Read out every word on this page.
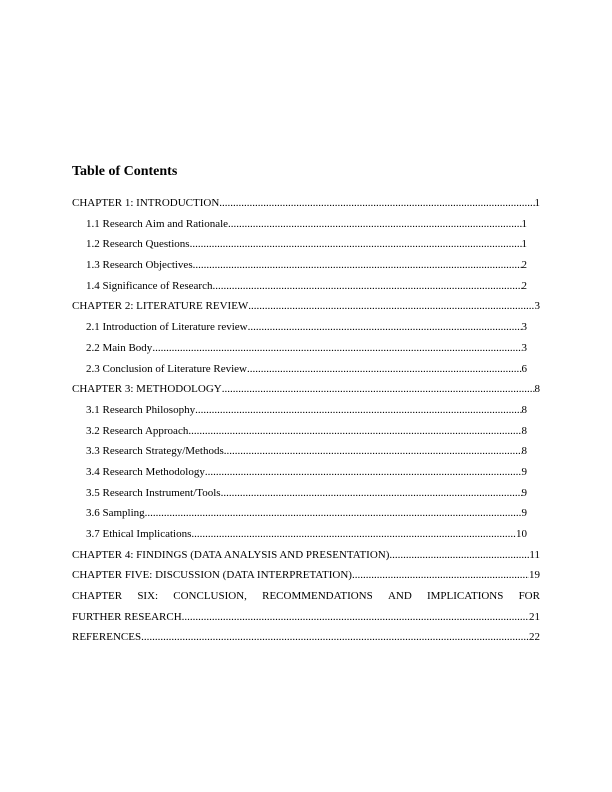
Table of Contents
CHAPTER 1: INTRODUCTION .....	1
1.1 Research Aim and Rationale .....	1
1.2 Research Questions .....	1
1.3 Research Objectives .....	2
1.4 Significance of Research .....	2
CHAPTER 2: LITERATURE REVIEW .....	3
2.1 Introduction of Literature review .....	3
2.2 Main Body .....	3
2.3 Conclusion of Literature Review .....	6
CHAPTER 3: METHODOLOGY .....	8
3.1 Research Philosophy .....	8
3.2 Research Approach .....	8
3.3 Research Strategy/Methods .....	8
3.4 Research Methodology .....	9
3.5 Research Instrument/Tools .....	9
3.6 Sampling .....	9
3.7 Ethical Implications .....	10
CHAPTER 4: FINDINGS (DATA ANALYSIS AND PRESENTATION) .....	11
CHAPTER FIVE: DISCUSSION (DATA INTERPRETATION) .....	19
CHAPTER SIX: CONCLUSION, RECOMMENDATIONS AND IMPLICATIONS FOR
FURTHER RESEARCH .....	21
REFERENCES .....	22
